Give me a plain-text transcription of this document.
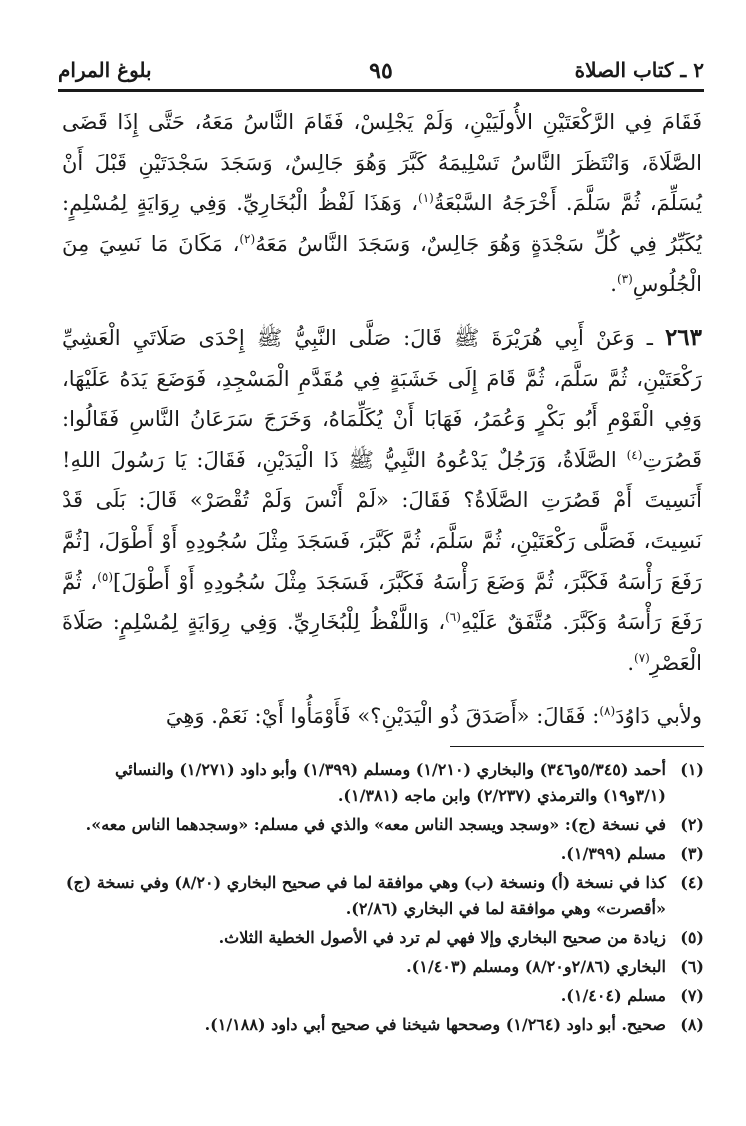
٢ ـ كتاب الصلاة
٩٥
بلوغ المرام

فَقَامَ فِي الرَّكْعَتَيْنِ الأُولَيَيْنِ، وَلَمْ يَجْلِسْ، فَقَامَ النَّاسُ مَعَهُ، حَتَّى إِذَا قَضَى الصَّلَاةَ، وَانْتَظَرَ النَّاسُ تَسْلِيمَهُ كَبَّرَ وَهُوَ جَالِسٌ، وَسَجَدَ سَجْدَتَيْنِ قَبْلَ أَنْ يُسَلِّمَ، ثُمَّ سَلَّمَ. أَخْرَجَهُ السَّبْعَةُ$^{(١)}$، وَهَذَا لَفْظُ الْبُخَارِيِّ. وَفِي رِوَايَةٍ لِمُسْلِمٍ: يُكَبِّرُ فِي كُلِّ سَجْدَةٍ وَهُوَ جَالِسٌ، وَسَجَدَ النَّاسُ مَعَهُ$^{(٢)}$، مَكَانَ مَا نَسِيَ مِنَ الْجُلُوسِ$^{(٣)}$.

٢٦٣ ـ وَعَنْ أَبِي هُرَيْرَةَ ﷺ قَالَ: صَلَّى النَّبِيُّ ﷺ إِحْدَى صَلَاتَيِ الْعَشِيِّ رَكْعَتَيْنِ، ثُمَّ سَلَّمَ، ثُمَّ قَامَ إِلَى خَشَبَةٍ فِي مُقَدَّمِ الْمَسْجِدِ، فَوَضَعَ يَدَهُ عَلَيْهَا، وَفِي الْقَوْمِ أَبُو بَكْرٍ وَعُمَرُ، فَهَابَا أَنْ يُكَلِّمَاهُ، وَخَرَجَ سَرَعَانُ النَّاسِ فَقَالُوا: قَصُرَتِ$^{(٤)}$ الصَّلَاةُ، وَرَجُلٌ يَدْعُوهُ النَّبِيُّ ﷺ ذَا الْيَدَيْنِ، فَقَالَ: يَا رَسُولَ اللهِ! أَنَسِيتَ أَمْ قَصُرَتِ الصَّلَاةُ؟ فَقَالَ: «لَمْ أَنْسَ وَلَمْ تُقْصَرْ» قَالَ: بَلَى قَدْ نَسِيتَ، فَصَلَّى رَكْعَتَيْنِ، ثُمَّ سَلَّمَ، ثُمَّ كَبَّرَ، فَسَجَدَ مِثْلَ سُجُودِهِ أَوْ أَطْوَلَ، [ثُمَّ رَفَعَ رَأْسَهُ فَكَبَّرَ، ثُمَّ وَضَعَ رَأْسَهُ فَكَبَّرَ، فَسَجَدَ مِثْلَ سُجُودِهِ أَوْ أَطْوَلَ]$^{(٥)}$، ثُمَّ رَفَعَ رَأْسَهُ وَكَبَّرَ. مُتَّفَقٌ عَلَيْهِ$^{(٦)}$، وَاللَّفْظُ لِلْبُخَارِيِّ. وَفِي رِوَايَةٍ لِمُسْلِمٍ: صَلَاةَ الْعَصْرِ$^{(٧)}$.

ولأبي دَاوُدَ$^{(٨)}$: فَقَالَ: «أَصَدَقَ ذُو الْيَدَيْنِ؟» فَأَوْمَأُوا أَيْ: نَعَمْ. وَهِيَ

(١)
أحمد (٥/٣٤٥و٣٤٦) والبخاري (١/٢١٠) ومسلم (١/٣٩٩) وأبو داود (١/٢٧١) والنسائي (٣/١و١٩) والترمذي (٢/٢٣٧) وابن ماجه (١/٣٨١).
(٢)
في نسخة (ج): «وسجد ويسجد الناس معه» والذي في مسلم: «وسجدهما الناس معه».
(٣)
مسلم (١/٣٩٩).
(٤)
كذا في نسخة (أ) ونسخة (ب) وهي موافقة لما في صحيح البخاري (٨/٢٠) وفي نسخة (ج) «أقصرت» وهي موافقة لما في البخاري (٢/٨٦).
(٥)
زيادة من صحيح البخاري وإلا فهي لم ترد في الأصول الخطية الثلاث.
(٦)
البخاري (٢/٨٦و٨/٢٠) ومسلم (١/٤٠٣).
(٧)
مسلم (١/٤٠٤).
(٨)
صحيح. أبو داود (١/٢٦٤) وصححها شيخنا في صحيح أبي داود (١/١٨٨).
